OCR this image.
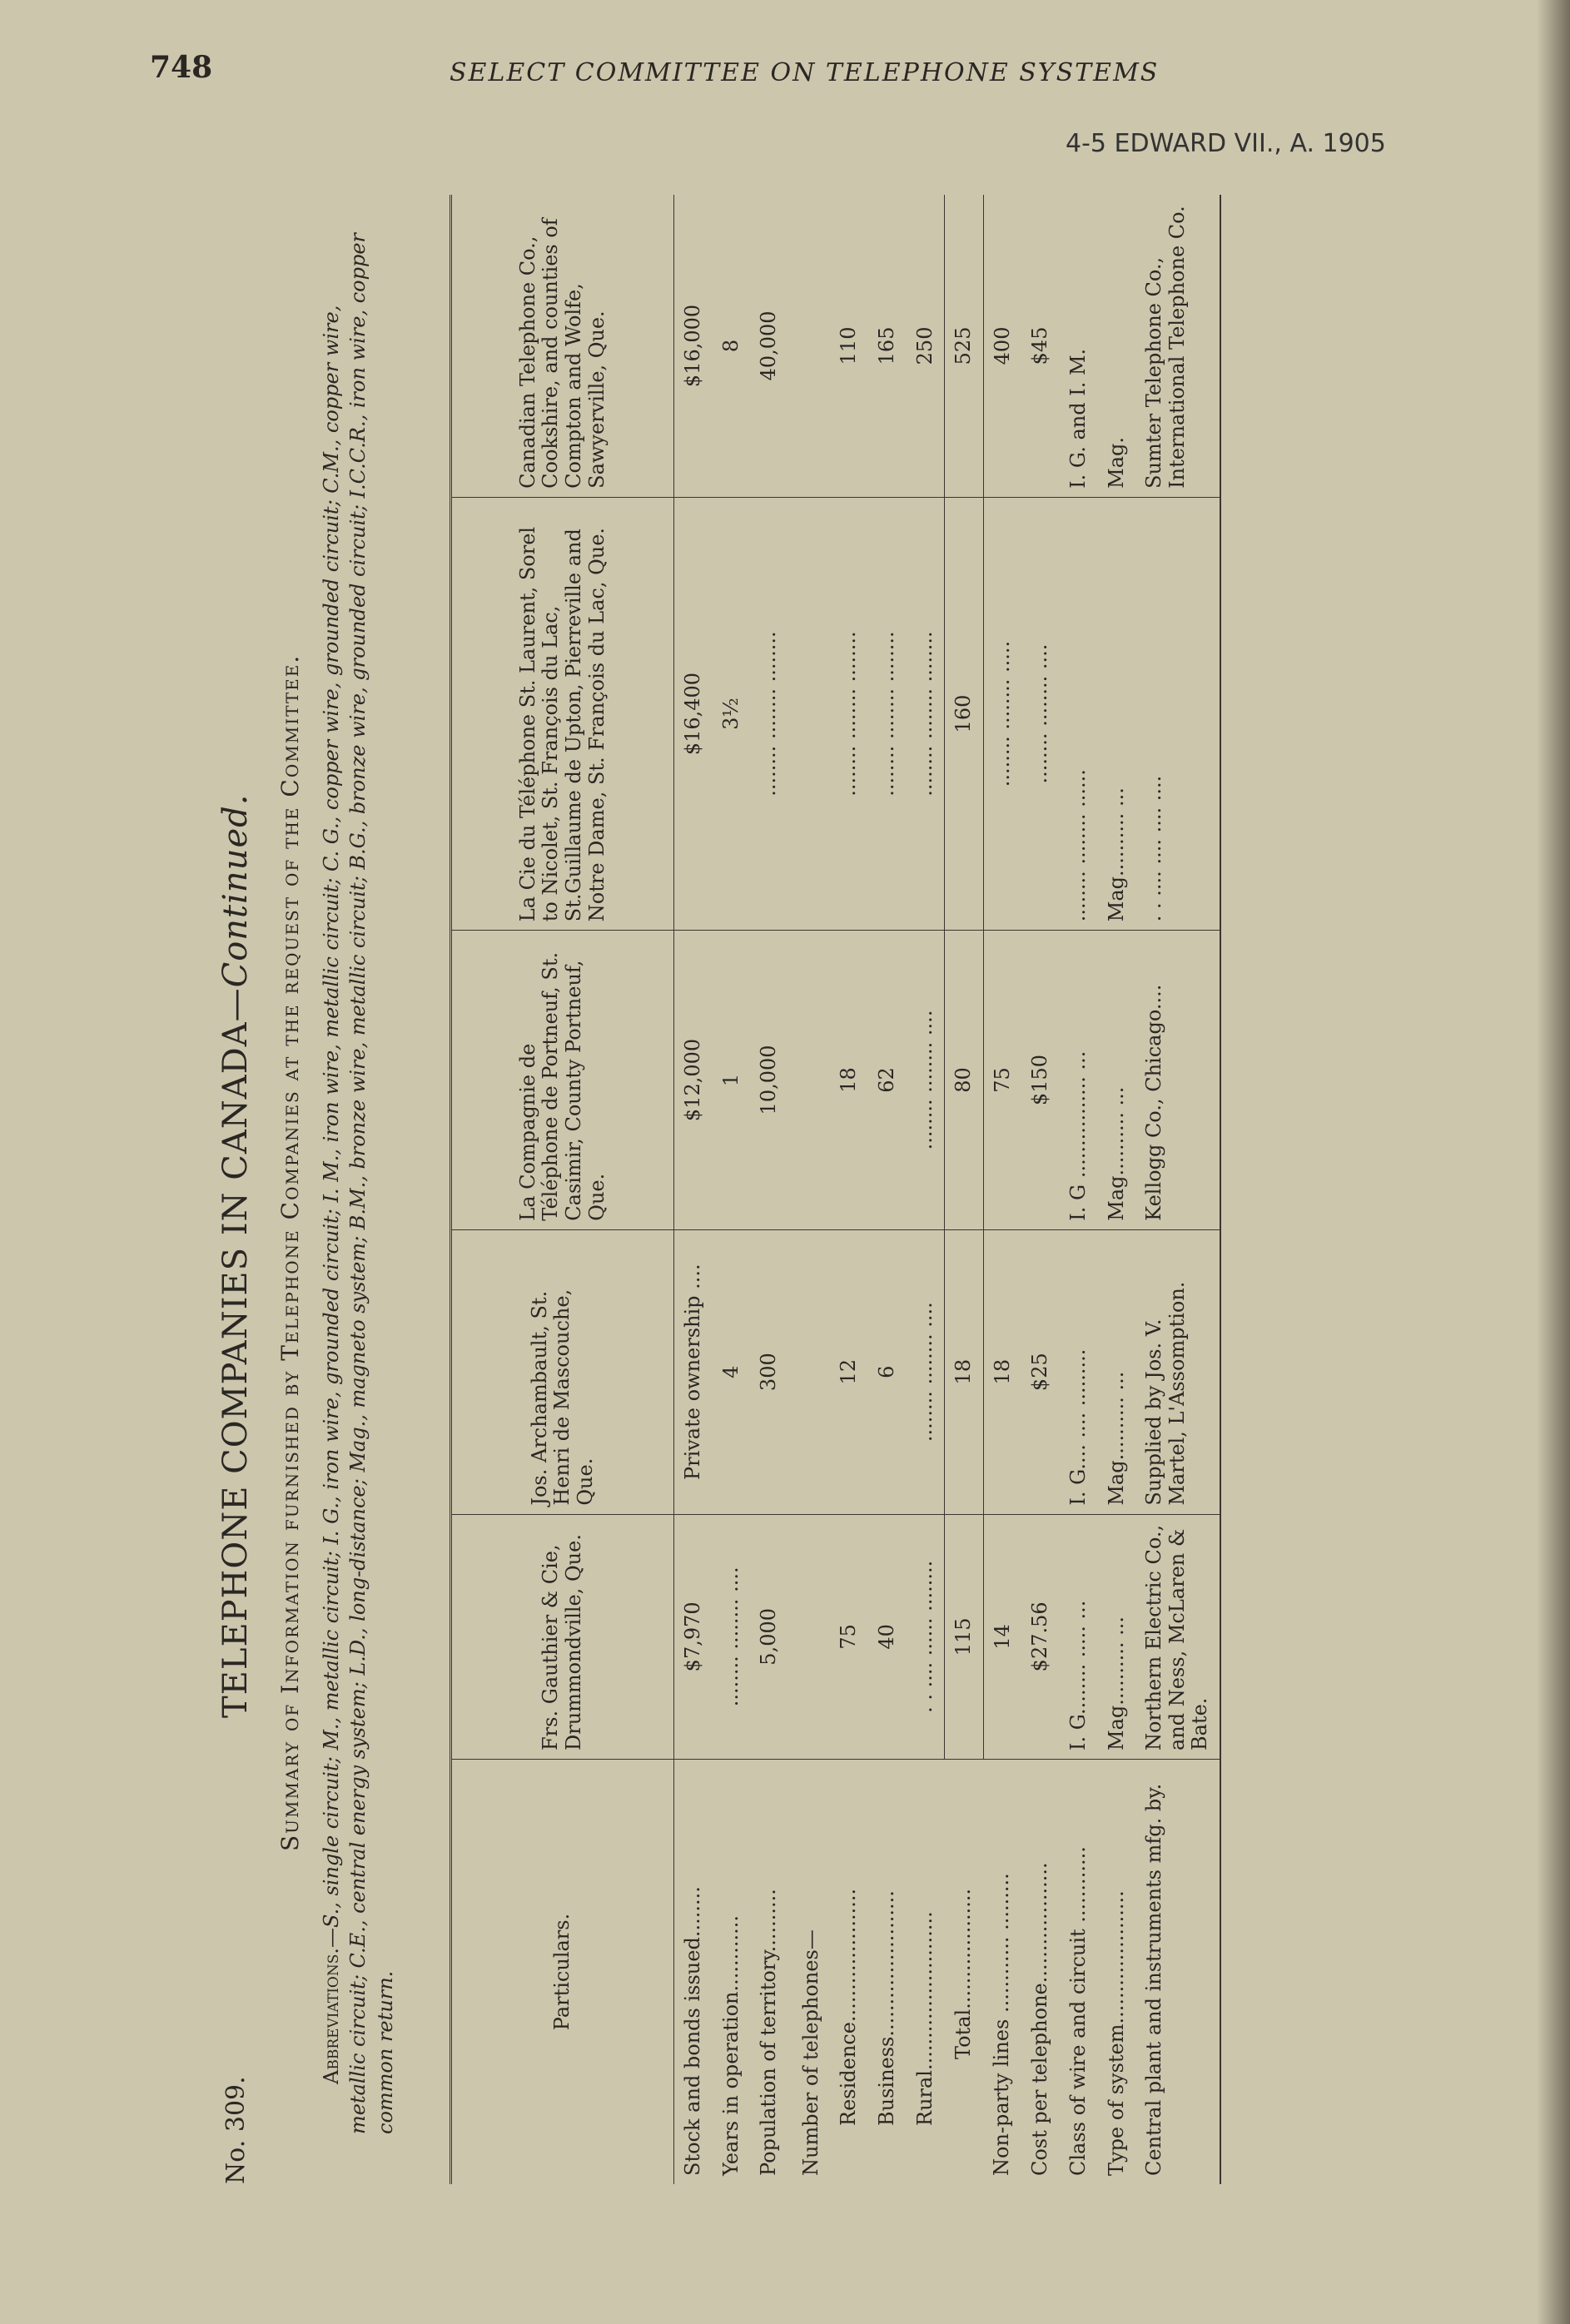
748	SELECT COMMITTEE ON TELEPHONE SYSTEMS
4-5 EDWARD VII., A. 1905
No. 309.
TELEPHONE COMPANIES IN CANADA—Continued. Summary of Information furnished by Telephone Companies at the request of the Committee.
Abbreviations.—S., single circuit; M., metallic circuit; I. G., iron wire, grounded circuit; I. M., iron wire, metallic circuit; C. G., copper wire, grounded circuit; C.M., copper wire, metallic circuit; C.E., central energy system; L.D., long-distance; Mag., magneto system; B.M., bronze wire, metallic circuit; B.G., bronze wire, grounded circuit; I.C.C.R., iron wire, copper common return.	Particulars.	Frs. Gauthier & Cie, Drummondville, Que.	Jos. Archambault, St. Henri de Mascouche, Que.	La Compagnie de Téléphone de Portneuf, St. Casimir, County Portneuf, Que.	La Cie du Téléphone St. Laurent, Sorel to Nicolet, St. François du Lac, St.Guillaume de Upton, Pierreville and Notre Dame, St. François du Lac, Que.	Canadian Telephone Co., Cookshire, and counties of Compton and Wolfe, Sawyerville, Que.
Stock and bonds issued........	$7,970	Private ownership ....	$12,000	$16,400	$16,000
Years in operation............	........ ........ ....	4	1	3½	8
Population of territory..........	5,000	300	10,000	........ ........ ........	40,000
Number of telephones—					
Residence.....................	75	12	18	........ ........ ........	110
Business.......................	40	6	62	........ ........ ........	165
Rural.........................	. . .... ...... ........	........ ........ ....	........ ........ ....	........ ........ ........	250
Total...................	115	18	80	160	525
Non-party lines ............ .........	14	18	75	........ ........ .....	400
Cost per telephone...................	$27.56	$25	$150	........ ........ ....	$45
Class of wire and circuit ............	I. G........ ..... ...	I. G.... .... .........	I. G ................ ...	........ ........ ......	I. G. and I. M.
Type of system.....................	Mag.......... ...	Mag.......... ...	Mag.......... ...	Mag.......... ...	Mag.
Central plant and instruments mfg. by.	Northern Electric Co., and Ness, McLaren & Bate.	Supplied by Jos. V. Martel, L'Assomption.	Kellogg Co., Chicago....	. . .... .... .... ....	Sumter Telephone Co., International Telephone Co.
